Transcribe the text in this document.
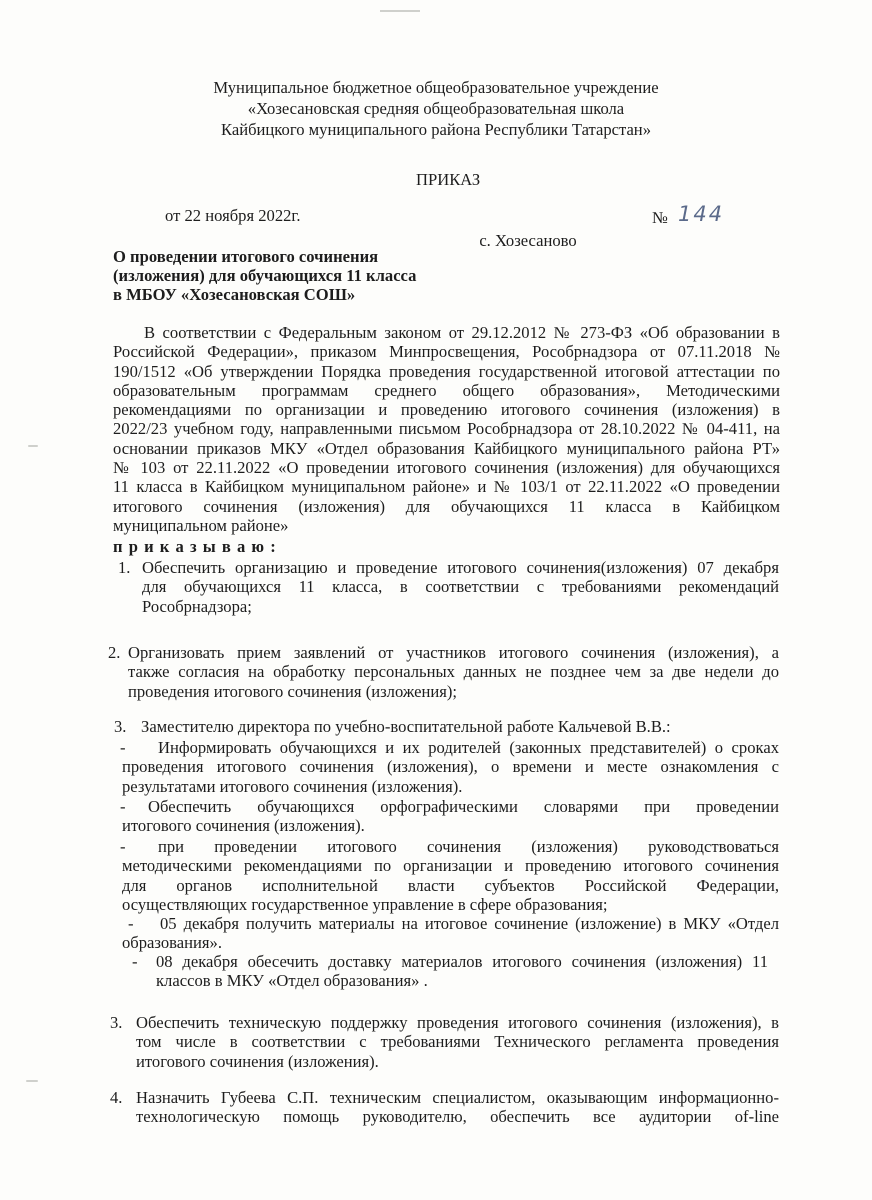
Муниципальное бюджетное общеобразовательное учреждение
«Хозесановская средняя общеобразовательная школа
Кайбицкого муниципального района Республики Татарстан»
ПРИКАЗ
от 22 ноября 2022г.	№ 144
с. Хозесаново
О проведении итогового сочинения
(изложения) для обучающихся 11 класса
в МБОУ «Хозесановская СОШ»
В соответствии с Федеральным законом от 29.12.2012 № 273-ФЗ «Об образовании в
Российской Федерации», приказом Минпросвещения, Рособрнадзора от 07.11.2018 №
190/1512 «Об утверждении Порядка проведения государственной итоговой аттестации по
образовательным программам среднего общего образования», Методическими
рекомендациями по организации и проведению итогового сочинения (изложения) в
2022/23 учебном году, направленными письмом Рособрнадзора от 28.10.2022 № 04-411, на
основании приказов МКУ «Отдел образования Кайбицкого муниципального района РТ»
№ 103 от 22.11.2022 «О проведении итогового сочинения (изложения) для обучающихся
11 класса в Кайбицком муниципальном районе» и № 103/1 от 22.11.2022 «О проведении
итогового сочинения (изложения) для обучающихся 11 класса в Кайбицком
муниципальном районе»
п р и к а з ы в а ю :
1. Обеспечить организацию и проведение итогового сочинения(изложения) 07 декабря
для обучающихся 11 класса, в соответствии с требованиями рекомендаций
Рособрнадзора;
2. Организовать прием заявлений от участников итогового сочинения (изложения), а
также согласия на обработку персональных данных не позднее чем за две недели до
проведения итогового сочинения (изложения);
3. Заместителю директора по учебно-воспитательной работе Кальчевой В.В.:
-	Информировать обучающихся и их родителей (законных представителей) о сроках
проведения итогового сочинения (изложения), о времени и месте ознакомления с
результатами итогового сочинения (изложения).
-	Обеспечить обучающихся орфографическими словарями при проведении
итогового сочинения (изложения).
-	при проведении итогового сочинения (изложения) руководствоваться
методическими рекомендациями по организации и проведению итогового сочинения
для органов исполнительной власти субъектов Российской Федерации,
осуществляющих государственное управление в сфере образования;
-	05 декабря получить материалы на итоговое сочинение (изложение) в МКУ «Отдел
образования».
- 08 декабря обесечить доставку материалов итогового сочинения (изложения) 11
классов в МКУ «Отдел образования» .
3. Обеспечить техническую поддержку проведения итогового сочинения (изложения), в
том числе в соответствии с требованиями Технического регламента проведения
итогового сочинения (изложения).
4. Назначить Губеева С.П. техническим специалистом, оказывающим информационно-
технологическую помощь руководителю, обеспечить все аудитории of-line
